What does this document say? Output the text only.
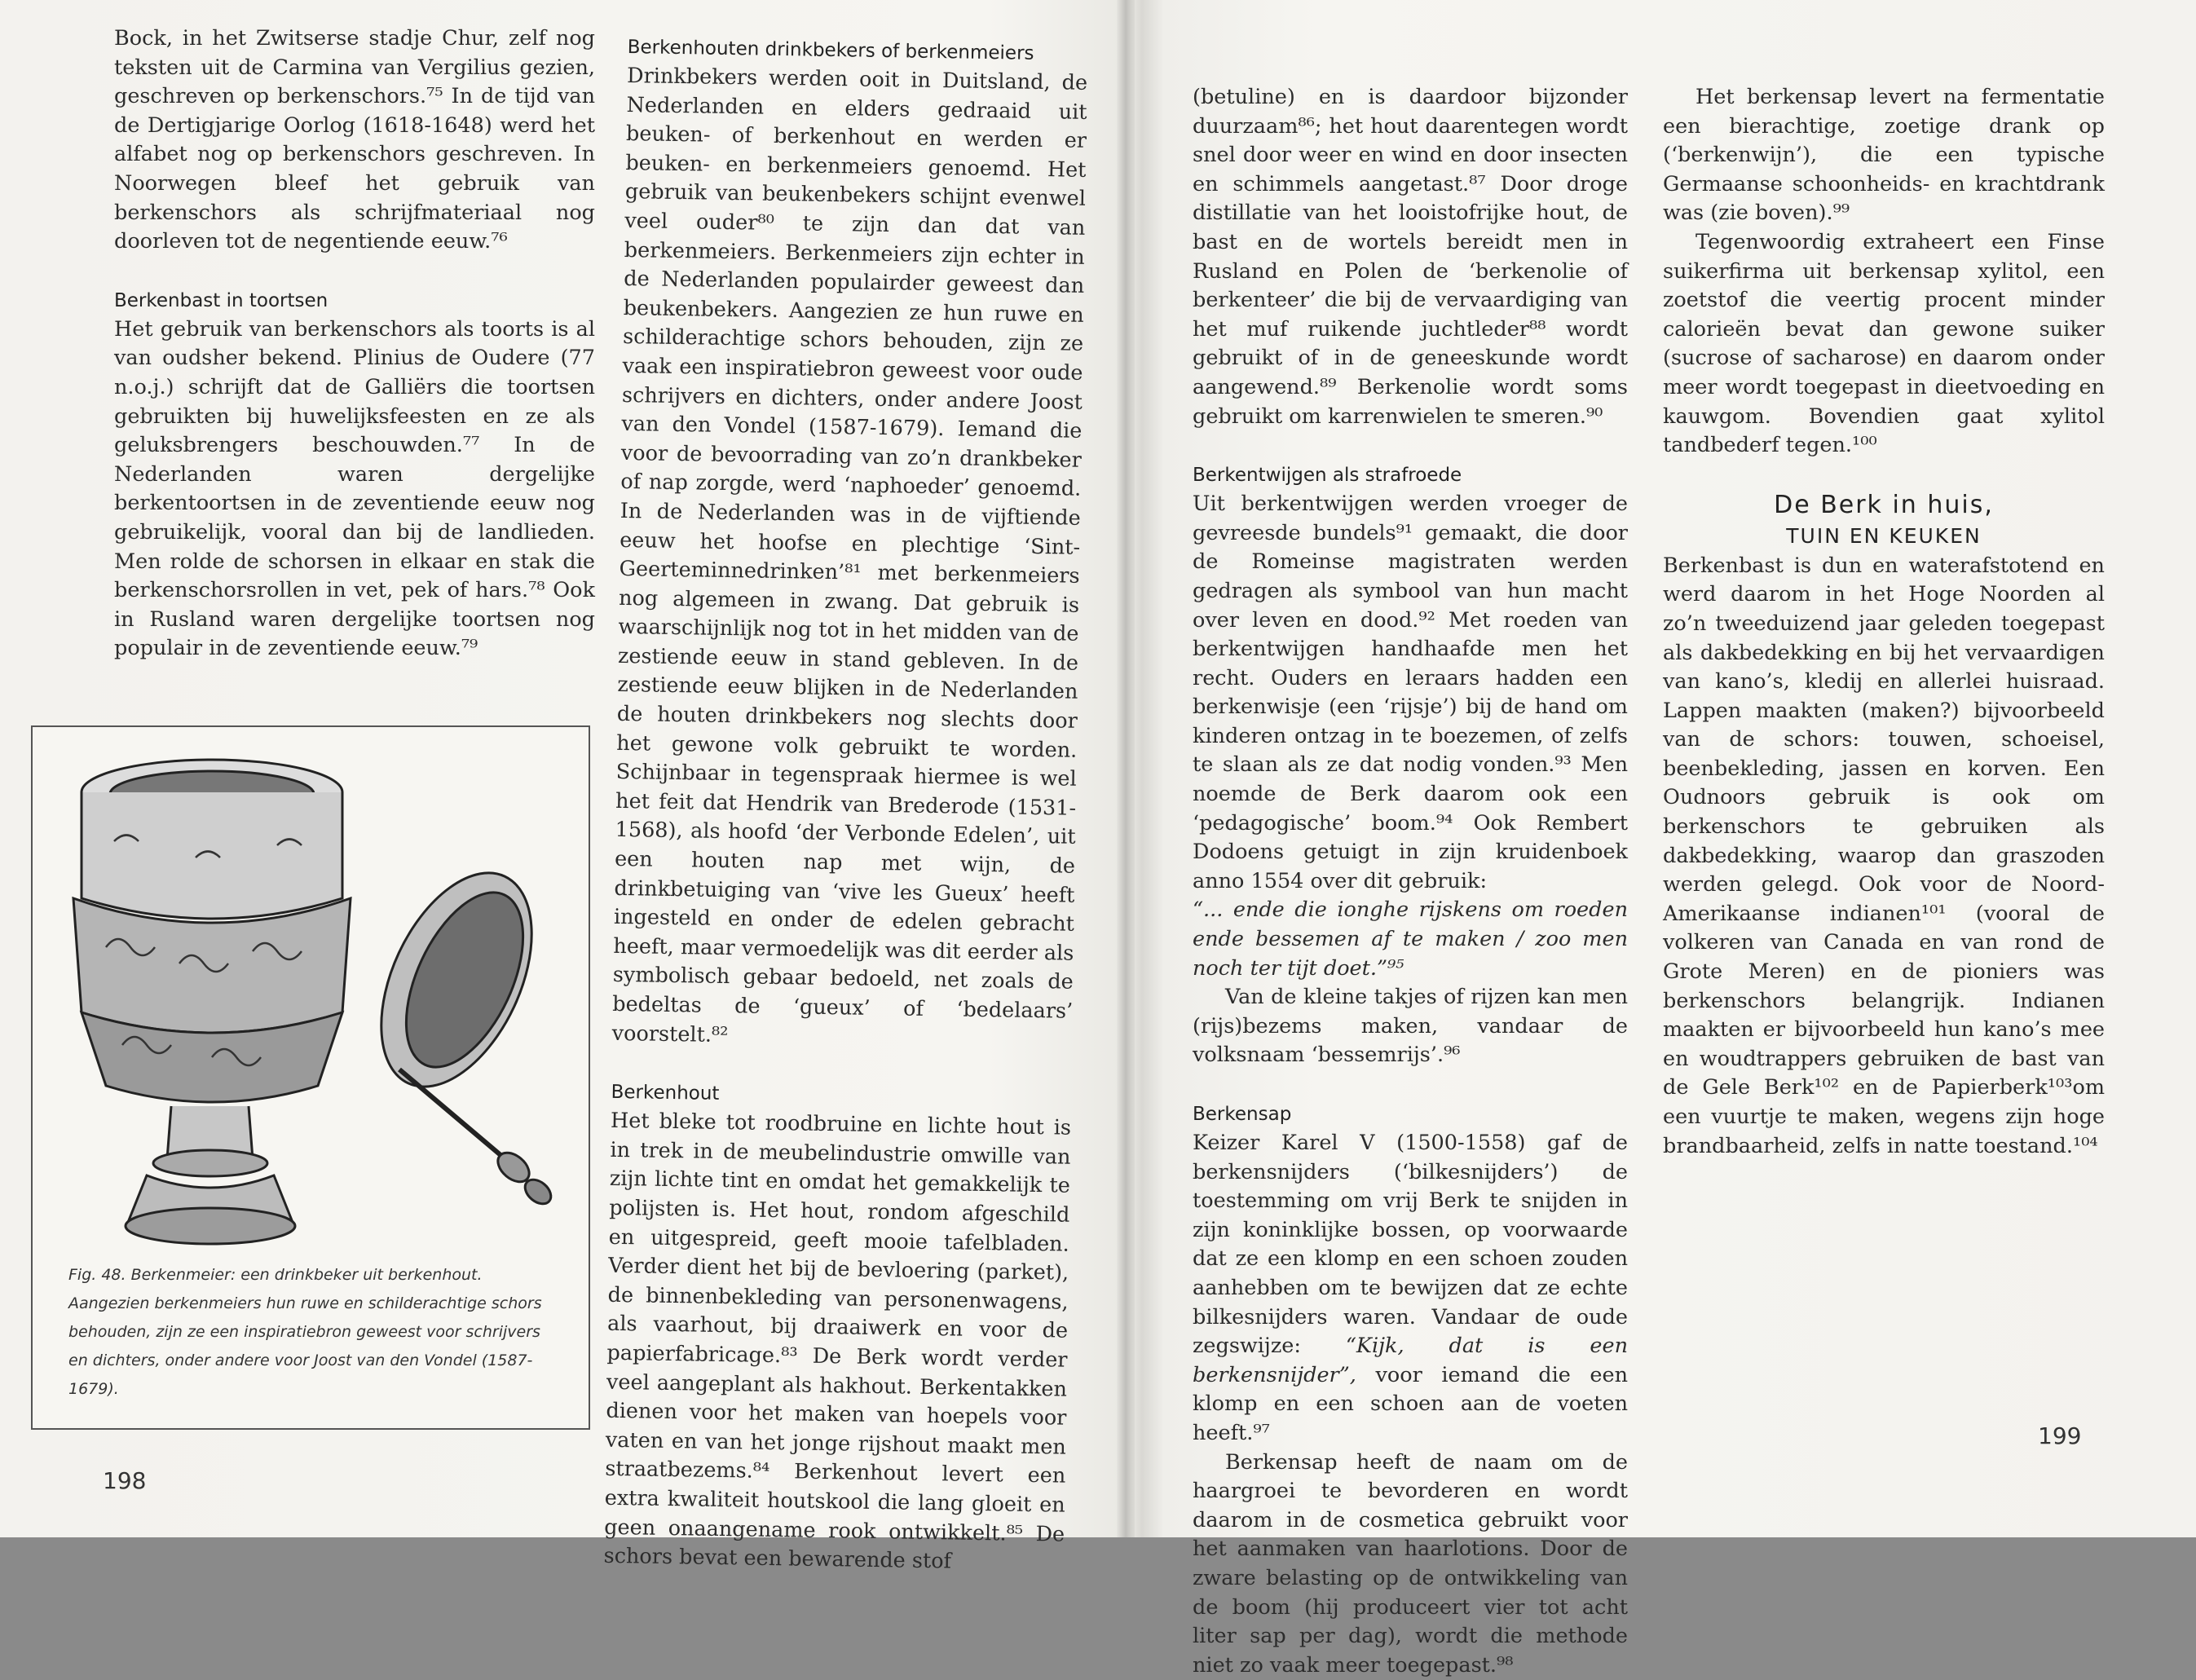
Bock, in het Zwitserse stadje Chur, zelf nog teksten uit de Carmina van Vergilius gezien, geschreven op berkenschors.⁷⁵ In de tijd van de Dertigjarige Oorlog (1618-1648) werd het alfabet nog op berkenschors geschreven. In Noorwegen bleef het gebruik van berkenschors als schrijfmateriaal nog doorleven tot de negentiende eeuw.⁷⁶

Berkenbast in toortsen

Het gebruik van berkenschors als toorts is al van oudsher bekend. Plinius de Oudere (77 n.o.j.) schrijft dat de Galliërs die toortsen gebruikten bij huwelijksfeesten en ze als geluksbrengers beschouwden.⁷⁷ In de Nederlanden waren dergelijke berkentoortsen in de zeventiende eeuw nog gebruikelijk, vooral dan bij de landlieden. Men rolde de schorsen in elkaar en stak die berkenschorsrollen in vet, pek of hars.⁷⁸ Ook in Rusland waren dergelijke toortsen nog populair in de zeventiende eeuw.⁷⁹

Fig. 48. Berkenmeier: een drinkbeker uit berkenhout. Aangezien berkenmeiers hun ruwe en schilderachtige schors behouden, zijn ze een inspiratiebron geweest voor schrijvers en dichters, onder andere voor Joost van den Vondel (1587-1679).
Berkenhouten drinkbekers of berkenmeiers

Drinkbekers werden ooit in Duitsland, de Nederlanden en elders gedraaid uit beuken- of berkenhout en werden er beuken- en berkenmeiers genoemd. Het gebruik van beukenbekers schijnt evenwel veel ouder⁸⁰ te zijn dan dat van berkenmeiers. Berkenmeiers zijn echter in de Nederlanden populairder geweest dan beukenbekers. Aangezien ze hun ruwe en schilderachtige schors behouden, zijn ze vaak een inspiratiebron geweest voor oude schrijvers en dichters, onder andere Joost van den Vondel (1587-1679). Iemand die voor de bevoorrading van zo’n drankbeker of nap zorgde, werd ‘naphoeder’ genoemd. In de Nederlanden was in de vijftiende eeuw het hoofse en plechtige ‘Sint-Geerteminnedrinken’⁸¹ met berkenmeiers nog algemeen in zwang. Dat gebruik is waarschijnlijk nog tot in het midden van de zestiende eeuw in stand gebleven. In de zestiende eeuw blijken in de Nederlanden de houten drinkbekers nog slechts door het gewone volk gebruikt te worden. Schijnbaar in tegenspraak hiermee is wel het feit dat Hendrik van Brederode (1531-1568), als hoofd ‘der Verbonde Edelen’, uit een houten nap met wijn, de drinkbetuiging van ‘vive les Gueux’ heeft ingesteld en onder de edelen gebracht heeft, maar vermoedelijk was dit eerder als symbolisch gebaar bedoeld, net zoals de bedeltas de ‘gueux’ of ‘bedelaars’ voorstelt.⁸²

Berkenhout

Het bleke tot roodbruine en lichte hout is in trek in de meubelindustrie omwille van zijn lichte tint en omdat het gemakkelijk te polijsten is. Het hout, rondom afgeschild en uitgespreid, geeft mooie tafelbladen. Verder dient het bij de bevloering (parket), de binnenbekleding van personenwagens, als vaarhout, bij draaiwerk en voor de papierfabricage.⁸³ De Berk wordt verder veel aangeplant als hakhout. Berkentakken dienen voor het maken van hoepels voor vaten en van het jonge rijshout maakt men straatbezems.⁸⁴ Berkenhout levert een extra kwaliteit houtskool die lang gloeit en geen onaangename rook ontwikkelt.⁸⁵ De schors bevat een bewarende stof

198

(betuline) en is daardoor bijzonder duurzaam⁸⁶; het hout daarentegen wordt snel door weer en wind en door insecten en schimmels aangetast.⁸⁷ Door droge distillatie van het looistofrijke hout, de bast en de wortels bereidt men in Rusland en Polen de ‘berkenolie of berkenteer’ die bij de vervaardiging van het muf ruikende juchtleder⁸⁸ wordt gebruikt of in de geneeskunde wordt aangewend.⁸⁹ Berkenolie wordt soms gebruikt om karrenwielen te smeren.⁹⁰

Berkentwijgen als strafroede

Uit berkentwijgen werden vroeger de gevreesde bundels⁹¹ gemaakt, die door de Romeinse magistraten werden gedragen als symbool van hun macht over leven en dood.⁹² Met roeden van berkentwijgen handhaafde men het recht. Ouders en leraars hadden een berkenwisje (een ‘rijsje’) bij de hand om kinderen ontzag in te boezemen, of zelfs te slaan als ze dat nodig vonden.⁹³ Men noemde de Berk daarom ook een ‘pedagogische’ boom.⁹⁴ Ook Rembert Dodoens getuigt in zijn kruidenboek anno 1554 over dit gebruik:

“... ende die ionghe rijskens om roeden ende bessemen af te maken / zoo men noch ter tijt doet.”⁹⁵

Van de kleine takjes of rijzen kan men (rijs)bezems maken, vandaar de volksnaam ‘bessemrijs’.⁹⁶

Berkensap

Keizer Karel V (1500-1558) gaf de berkensnijders (‘bilkesnijders’) de toestemming om vrij Berk te snijden in zijn koninklijke bossen, op voorwaarde dat ze een klomp en een schoen zouden aanhebben om te bewijzen dat ze echte bilkesnijders waren. Vandaar de oude zegswijze: “Kijk, dat is een berkensnijder”, voor iemand die een klomp en een schoen aan de voeten heeft.⁹⁷

Berkensap heeft de naam om de haargroei te bevorderen en wordt daarom in de cosmetica gebruikt voor het aanmaken van haarlotions. Door de zware belasting op de ontwikkeling van de boom (hij produceert vier tot acht liter sap per dag), wordt die methode niet zo vaak meer toegepast.⁹⁸

Het berkensap levert na fermentatie een bierachtige, zoetige drank op (‘berkenwijn’), die een typische Germaanse schoonheids- en krachtdrank was (zie boven).⁹⁹

Tegenwoordig extraheert een Finse suikerfirma uit berkensap xylitol, een zoetstof die veertig procent minder calorieën bevat dan gewone suiker (sucrose of sacharose) en daarom onder meer wordt toegepast in dieetvoeding en kauwgom. Bovendien gaat xylitol tandbederf tegen.¹⁰⁰

De Berk in huis,
TUIN EN KEUKEN

Berkenbast is dun en waterafstotend en werd daarom in het Hoge Noorden al zo’n tweeduizend jaar geleden toegepast als dakbedekking en bij het vervaardigen van kano’s, kledij en allerlei huisraad. Lappen maakten (maken?) bijvoorbeeld van de schors: touwen, schoeisel, beenbekleding, jassen en korven. Een Oudnoors gebruik is ook om berkenschors te gebruiken als dakbedekking, waarop dan graszoden werden gelegd. Ook voor de Noord-Amerikaanse indianen¹⁰¹ (vooral de volkeren van Canada en van rond de Grote Meren) en de pioniers was berkenschors belangrijk. Indianen maakten er bijvoorbeeld hun kano’s mee en woudtrappers gebruiken de bast van de Gele Berk¹⁰² en de Papierberk¹⁰³om een vuurtje te maken, wegens zijn hoge brandbaarheid, zelfs in natte toestand.¹⁰⁴

199
